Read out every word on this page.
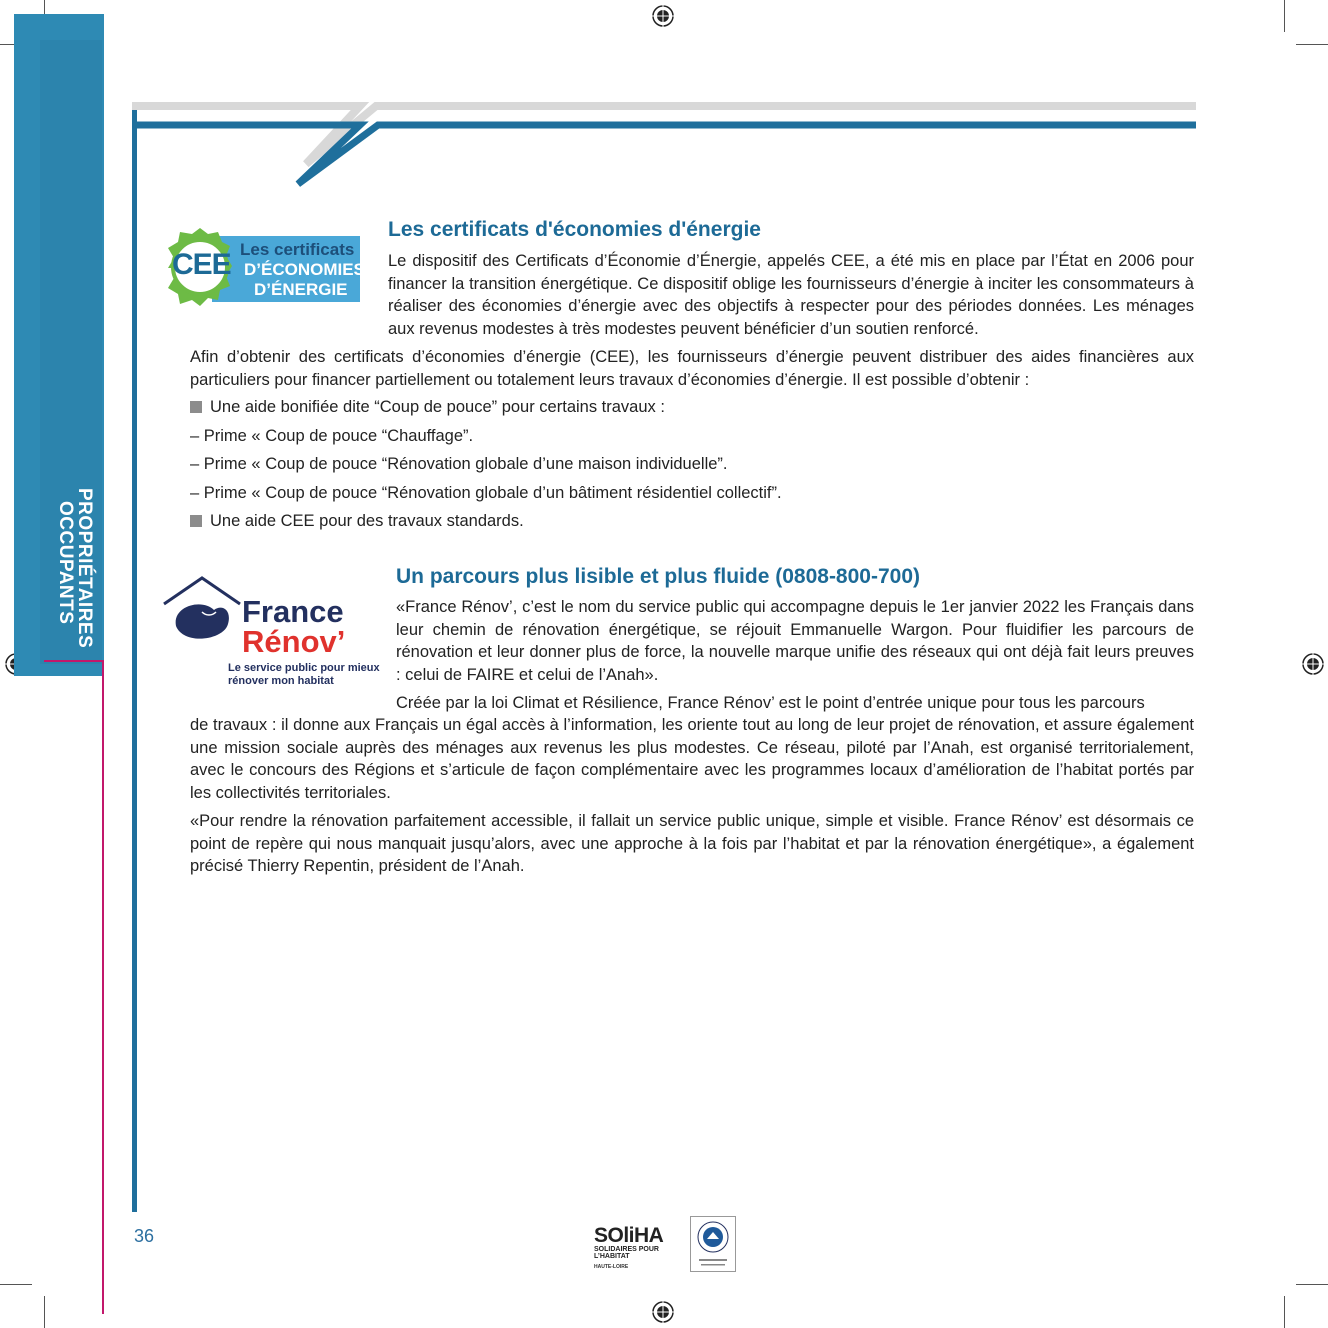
PROPRIÉTAIRES
OCCUPANTS
CEE Les certificats
D’ÉCONOMIES
D’ÉNERGIE
Les certificats d'économies d'énergie

Le dispositif des Certificats d’Économie d’Énergie, appelés CEE, a été mis en place par l’État en 2006 pour financer la transition énergétique. Ce dispositif oblige les fournisseurs d’énergie à inciter les consommateurs à réaliser des économies d’énergie avec des objectifs à respecter pour des périodes données. Les ménages aux revenus modestes à très modestes peuvent bénéficier d’un soutien renforcé.

Afin d’obtenir des certificats d’économies d’énergie (CEE), les fournisseurs d’énergie peuvent distribuer des aides financières aux particuliers pour financer partiellement ou totalement leurs travaux d’économies d’énergie. Il est possible d’obtenir :

Une aide bonifiée dite “Coup de pouce” pour certains travaux :
– Prime « Coup de pouce “Chauffage”.
– Prime « Coup de pouce “Rénovation globale d’une maison individuelle”.
– Prime « Coup de pouce “Rénovation globale d’un bâtiment résidentiel collectif”.
Une aide CEE pour des travaux standards.
France
Rénov’
Le service public pour mieux
rénover mon habitat
Un parcours plus lisible et plus fluide (0808-800-700)

«France Rénov’, c’est le nom du service public qui accompagne depuis le 1er janvier 2022 les Français dans leur chemin de rénovation énergétique, se réjouit Emmanuelle Wargon. Pour fluidifier les parcours de rénovation et leur donner plus de force, la nouvelle marque unifie des réseaux qui ont déjà fait leurs preuves : celui de FAIRE et celui de l’Anah».

Créée par la loi Climat et Résilience, France Rénov’ est le point d’entrée unique pour tous les parcours

de travaux : il donne aux Français un égal accès à l’information, les oriente tout au long de leur projet de rénovation, et assure également une mission sociale auprès des ménages aux revenus les plus modestes. Ce réseau, piloté par l’Anah, est organisé territorialement, avec le concours des Régions et s’articule de façon complémentaire avec les programmes locaux d’amélioration de l’habitat portés par les collectivités territoriales.

«Pour rendre la rénovation parfaitement accessible, il fallait un service public unique, simple et visible. France Rénov’ est désormais ce point de repère qui nous manquait jusqu’alors, avec une approche à la fois par l’habitat et par la rénovation énergétique», a également précisé Thierry Repentin, président de l’Anah.

36	SOliHA
SOLIDAIRES POUR L’HABITAT
HAUTE-LOIRE
